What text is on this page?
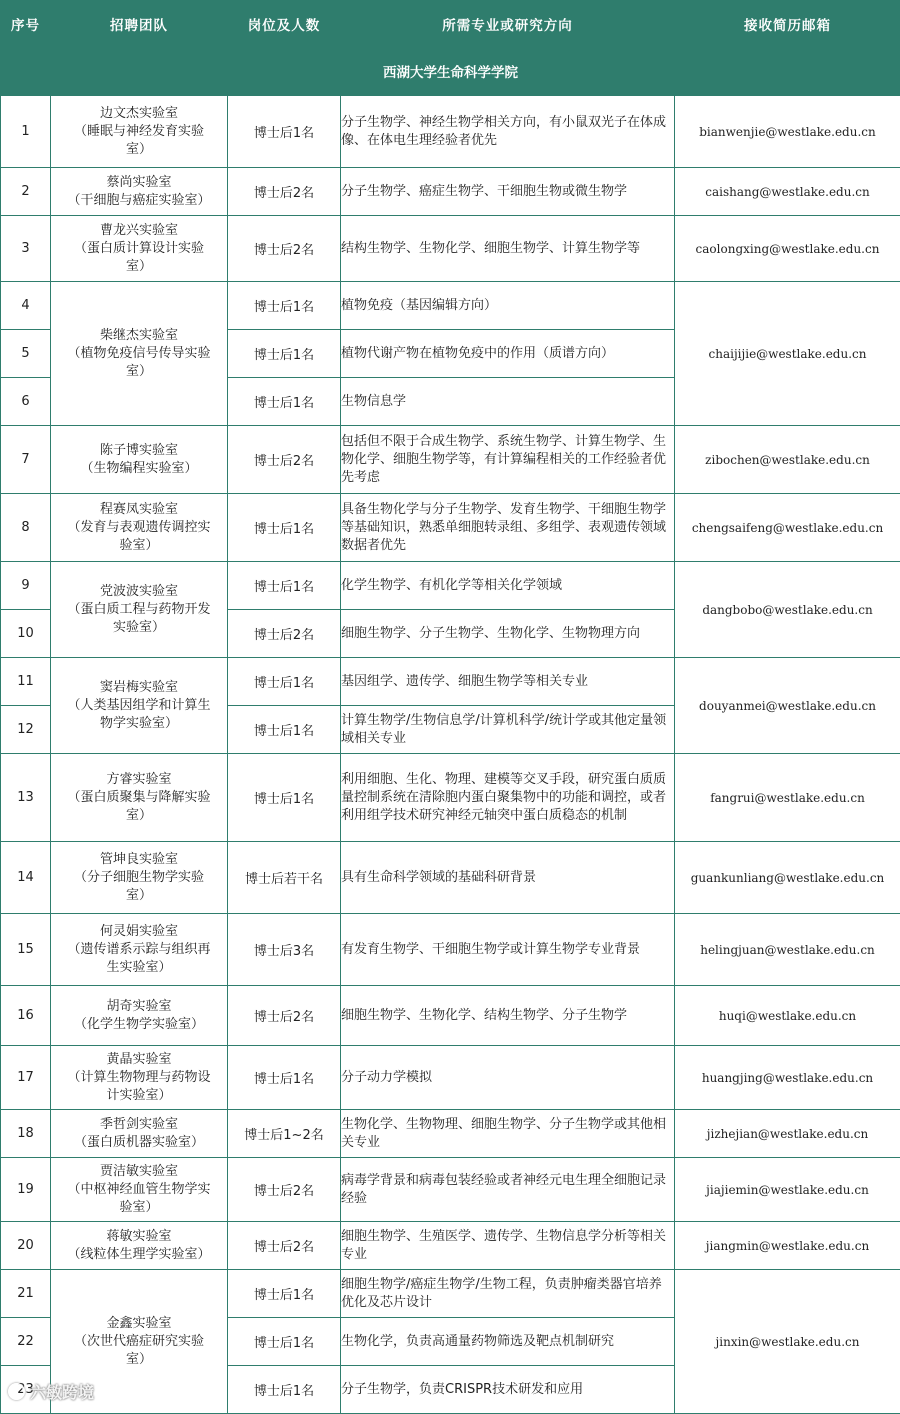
序号	招聘团队	岗位及人数	所需专业或研究方向	接收简历邮箱
西湖大学生命科学学院				
1	边文杰实验室
（睡眠与神经发育实验
室）	博士后1名	分子生物学、神经生物学相关方向，有小鼠双光子在体成像、在体电生理经验者优先	bianwenjie@westlake.edu.cn
2	蔡尚实验室
（干细胞与癌症实验室）	博士后2名	分子生物学、癌症生物学、干细胞生物或微生物学	caishang@westlake.edu.cn
3	曹龙兴实验室
（蛋白质计算设计实验
室）	博士后2名	结构生物学、生物化学、细胞生物学、计算生物学等	caolongxing@westlake.edu.cn
4	柴继杰实验室
（植物免疫信号传导实验
室）	博士后1名	植物免疫（基因编辑方向）	chaijijie@westlake.edu.cn
5		博士后1名	植物代谢产物在植物免疫中的作用（质谱方向）	
6		博士后1名	生物信息学	
7	陈子博实验室
（生物编程实验室）	博士后2名	包括但不限于合成生物学、系统生物学、计算生物学、生物化学、细胞生物学等，有计算编程相关的工作经验者优先考虑	zibochen@westlake.edu.cn
8	程赛凤实验室
（发育与表观遗传调控实
验室）	博士后1名	具备生物化学与分子生物学、发育生物学、干细胞生物学等基础知识，熟悉单细胞转录组、多组学、表观遗传领域数据者优先	chengsaifeng@westlake.edu.cn
9	党波波实验室
（蛋白质工程与药物开发
实验室）	博士后1名	化学生物学、有机化学等相关化学领域	dangbobo@westlake.edu.cn
10		博士后2名	细胞生物学、分子生物学、生物化学、生物物理方向	
11	窦岩梅实验室
（人类基因组学和计算生
物学实验室）	博士后1名	基因组学、遗传学、细胞生物学等相关专业	douyanmei@westlake.edu.cn
12		博士后1名	计算生物学/生物信息学/计算机科学/统计学或其他定量领域相关专业	
13	方睿实验室
（蛋白质聚集与降解实验
室）	博士后1名	利用细胞、生化、物理、建模等交叉手段，研究蛋白质质量控制系统在清除胞内蛋白聚集物中的功能和调控，或者利用组学技术研究神经元轴突中蛋白质稳态的机制	fangrui@westlake.edu.cn
14	管坤良实验室
（分子细胞生物学实验
室）	博士后若干名	具有生命科学领域的基础科研背景	guankunliang@westlake.edu.cn
15	何灵娟实验室
（遗传谱系示踪与组织再
生实验室）	博士后3名	有发育生物学、干细胞生物学或计算生物学专业背景	helingjuan@westlake.edu.cn
16	胡奇实验室
（化学生物学实验室）	博士后2名	细胞生物学、生物化学、结构生物学、分子生物学	huqi@westlake.edu.cn
17	黄晶实验室
（计算生物物理与药物设
计实验室）	博士后1名	分子动力学模拟	huangjing@westlake.edu.cn
18	季哲剑实验室
（蛋白质机器实验室）	博士后1~2名	生物化学、生物物理、细胞生物学、分子生物学或其他相关专业	jizhejian@westlake.edu.cn
19	贾洁敏实验室
（中枢神经血管生物学实
验室）	博士后2名	病毒学背景和病毒包装经验或者神经元电生理全细胞记录经验	jiajiemin@westlake.edu.cn
20	蒋敏实验室
（线粒体生理学实验室）	博士后2名	细胞生物学、生殖医学、遗传学、生物信息学分析等相关专业	jiangmin@westlake.edu.cn
21	金鑫实验室
（次世代癌症研究实验
室）	博士后1名	细胞生物学/癌症生物学/生物工程，负责肿瘤类器官培养优化及芯片设计	jinxin@westlake.edu.cn
22		博士后1名	生物化学，负责高通量药物筛选及靶点机制研究	
23		博士后1名	分子生物学，负责CRISPR技术研发和应用	
六敏跨境
